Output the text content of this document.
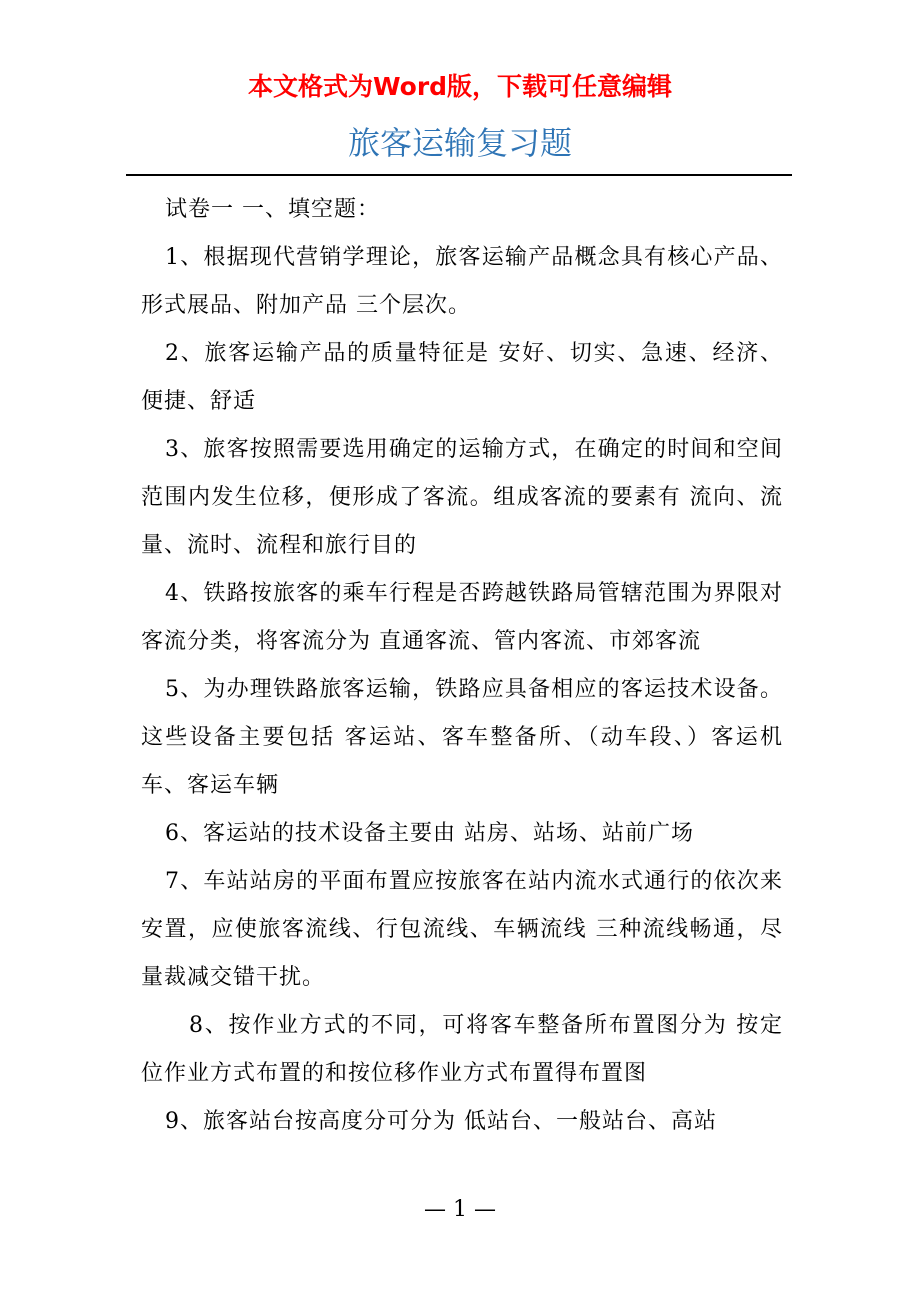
本文格式为Word版，下载可任意编辑
旅客运输复习题

试卷一 一、填空题：

1、根据现代营销学理论，旅客运输产品概念具有核心产品、形式展品、附加产品 三个层次。

2、旅客运输产品的质量特征是 安好、切实、急速、经济、便捷、舒适

3、旅客按照需要选用确定的运输方式，在确定的时间和空间范围内发生位移，便形成了客流。组成客流的要素有 流向、流量、流时、流程和旅行目的

4、铁路按旅客的乘车行程是否跨越铁路局管辖范围为界限对客流分类，将客流分为 直通客流、管内客流、市郊客流

5、为办理铁路旅客运输，铁路应具备相应的客运技术设备。这些设备主要包括 客运站、客车整备所、（动车段、）客运机车、客运车辆

6、客运站的技术设备主要由 站房、站场、站前广场

7、车站站房的平面布置应按旅客在站内流水式通行的依次来安置，应使旅客流线、行包流线、车辆流线 三种流线畅通，尽量裁减交错干扰。

8、按作业方式的不同，可将客车整备所布置图分为 按定位作业方式布置的和按位移作业方式布置得布置图

9、旅客站台按高度分可分为 低站台、一般站台、高站

— 1 —
